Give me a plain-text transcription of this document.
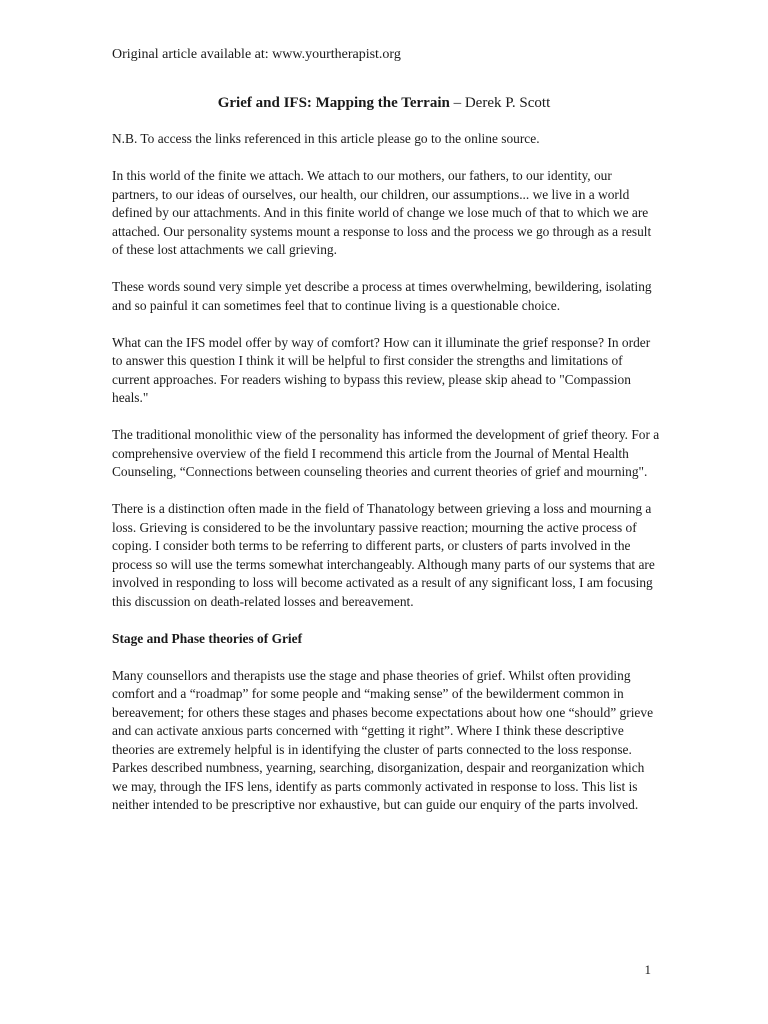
Original article available at: www.yourtherapist.org
Grief and IFS: Mapping the Terrain – Derek P. Scott

N.B. To access the links referenced in this article please go to the online source.

In this world of the finite we attach. We attach to our mothers, our fathers, to our identity, our partners, to our ideas of ourselves, our health, our children, our assumptions... we live in a world defined by our attachments. And in this finite world of change we lose much of that to which we are attached. Our personality systems mount a response to loss and the process we go through as a result of these lost attachments we call grieving.

These words sound very simple yet describe a process at times overwhelming, bewildering, isolating and so painful it can sometimes feel that to continue living is a questionable choice.

What can the IFS model offer by way of comfort? How can it illuminate the grief response? In order to answer this question I think it will be helpful to first consider the strengths and limitations of current approaches. For readers wishing to bypass this review, please skip ahead to "Compassion heals."

The traditional monolithic view of the personality has informed the development of grief theory. For a comprehensive overview of the field I recommend this article from the Journal of Mental Health Counseling, “Connections between counseling theories and current theories of grief and mourning".

There is a distinction often made in the field of Thanatology between grieving a loss and mourning a loss. Grieving is considered to be the involuntary passive reaction; mourning the active process of coping. I consider both terms to be referring to different parts, or clusters of parts involved in the process so will use the terms somewhat interchangeably. Although many parts of our systems that are involved in responding to loss will become activated as a result of any significant loss, I am focusing this discussion on death-related losses and bereavement.

Stage and Phase theories of Grief

Many counsellors and therapists use the stage and phase theories of grief. Whilst often providing comfort and a “roadmap” for some people and “making sense” of the bewilderment common in bereavement; for others these stages and phases become expectations about how one “should” grieve and can activate anxious parts concerned with “getting it right”. Where I think these descriptive theories are extremely helpful is in identifying the cluster of parts connected to the loss response. Parkes described numbness, yearning, searching, disorganization, despair and reorganization which we may, through the IFS lens, identify as parts commonly activated in response to loss. This list is neither intended to be prescriptive nor exhaustive, but can guide our enquiry of the parts involved.

1
